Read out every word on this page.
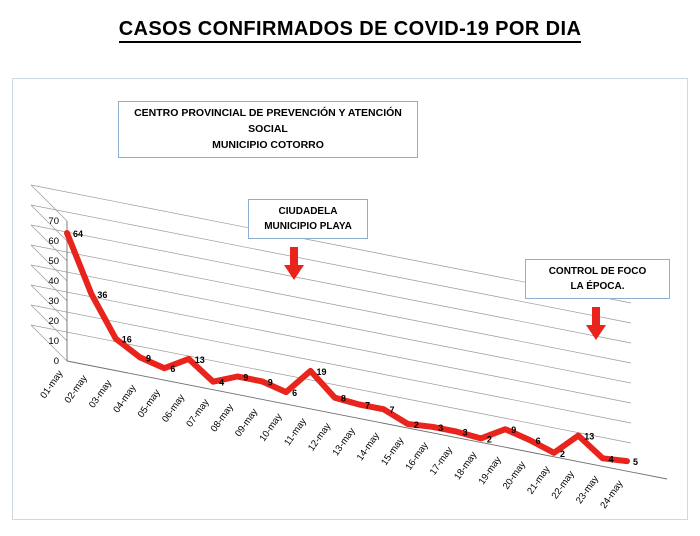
CASOS CONFIRMADOS DE COVID-19 POR DIA
70
60
50
40
30
20
10
0
01-may
02-may
03-may
04-may
05-may
06-may
07-may
08-may
09-may
10-may
11-may
12-may
13-may
14-may
15-may
16-may
17-may
18-may
19-may
20-may
21-may
22-may
23-may
24-may
64
36
16
9
6
13
4
9 9
6
19
8
7 7
2 3 3
2
9
6
2
13
4 5
CENTRO PROVINCIAL DE PREVENCIÓN Y ATENCIÓN SOCIAL
MUNICIPIO COTORRO
CIUDADELA
MUNICIPIO PLAYA
CONTROL DE FOCO
LA ÉPOCA.
